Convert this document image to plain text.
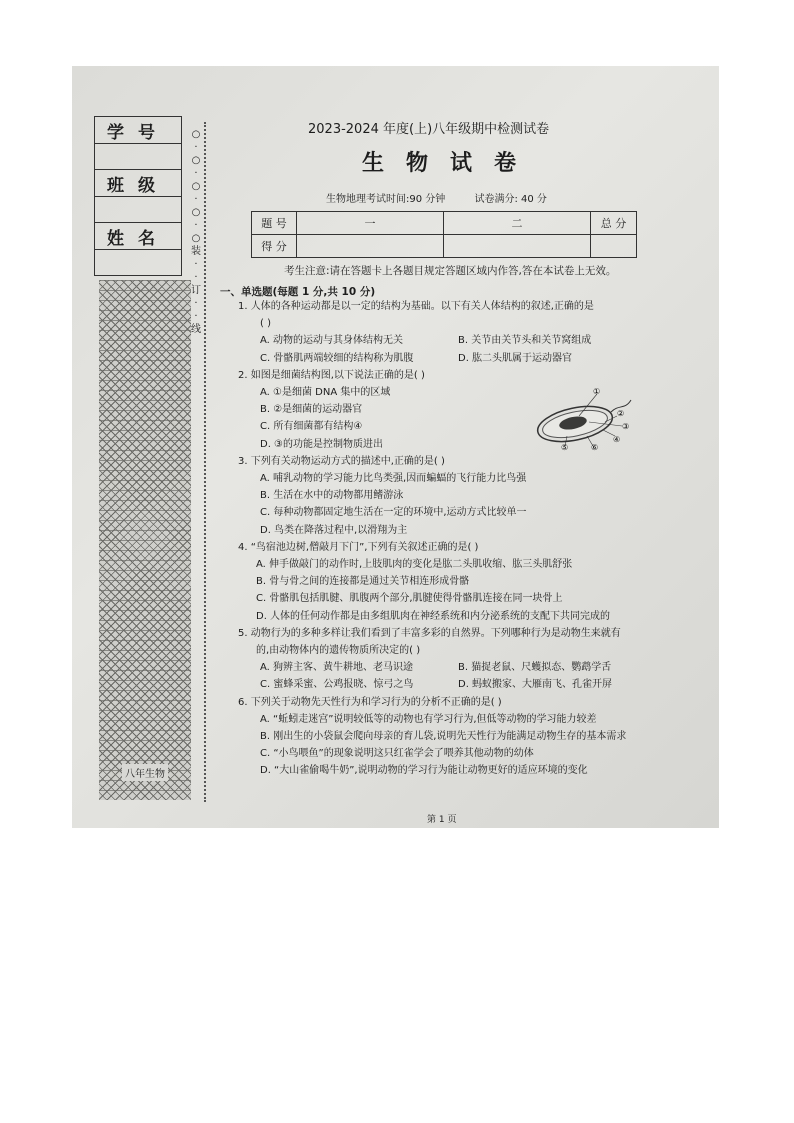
学号

班级

姓名

○
·
○
·
○
·
○
·
○
装
·
·
订
·
·
线
八年生物
2023-2024 年度(上)八年级期中检测试卷
生物试卷
生物地理考试时间:90 分钟	试卷满分: 40 分
题 号	一	二	总 分
得 分			
考生注意:请在答题卡上各题目规定答题区域内作答,答在本试卷上无效。
一、单选题(每题 1 分,共 10 分)

1. 人体的各种运动都是以一定的结构为基础。以下有关人体结构的叙述,正确的是

( )

A. 动物的运动与其身体结构无关	B. 关节由关节头和关节窝组成
C. 骨骼肌两端较细的结构称为肌腹	D. 肱二头肌属于运动器官

2. 如图是细菌结构图,以下说法正确的是( )

A. ①是细菌 DNA 集中的区域

B. ②是细菌的运动器官

C. 所有细菌都有结构④

D. ③的功能是控制物质进出

3. 下列有关动物运动方式的描述中,正确的是( )

A. 哺乳动物的学习能力比鸟类强,因而蝙蝠的飞行能力比鸟强

B. 生活在水中的动物都用鳍游泳

C. 每种动物都固定地生活在一定的环境中,运动方式比较单一

D. 鸟类在降落过程中,以滑翔为主

4. “鸟宿池边树,僧敲月下门”,下列有关叙述正确的是( )

A. 伸手做敲门的动作时,上肢肌肉的变化是肱二头肌收缩、肱三头肌舒张

B. 骨与骨之间的连接都是通过关节相连形成骨骼

C. 骨骼肌包括肌腱、肌腹两个部分,肌腱使得骨骼肌连接在同一块骨上

D. 人体的任何动作都是由多组肌肉在神经系统和内分泌系统的支配下共同完成的

5. 动物行为的多种多样让我们看到了丰富多彩的自然界。下列哪种行为是动物生来就有

的,由动物体内的遗传物质所决定的( )

A. 狗辨主客、黄牛耕地、老马识途	B. 猫捉老鼠、尺蠖拟态、鹦鹉学舌
C. 蜜蜂采蜜、公鸡报晓、惊弓之鸟	D. 蚂蚁搬家、大雁南飞、孔雀开屏

6. 下列关于动物先天性行为和学习行为的分析不正确的是( )

A. “蚯蚓走迷宫”说明较低等的动物也有学习行为,但低等动物的学习能力较差

B. 刚出生的小袋鼠会爬向母亲的育儿袋,说明先天性行为能满足动物生存的基本需求

C. “小鸟喂鱼”的现象说明这只红雀学会了喂养其他动物的幼体

D. “大山雀偷喝牛奶”,说明动物的学习行为能让动物更好的适应环境的变化

①
②
③
④
⑤	⑥
第 1 页
